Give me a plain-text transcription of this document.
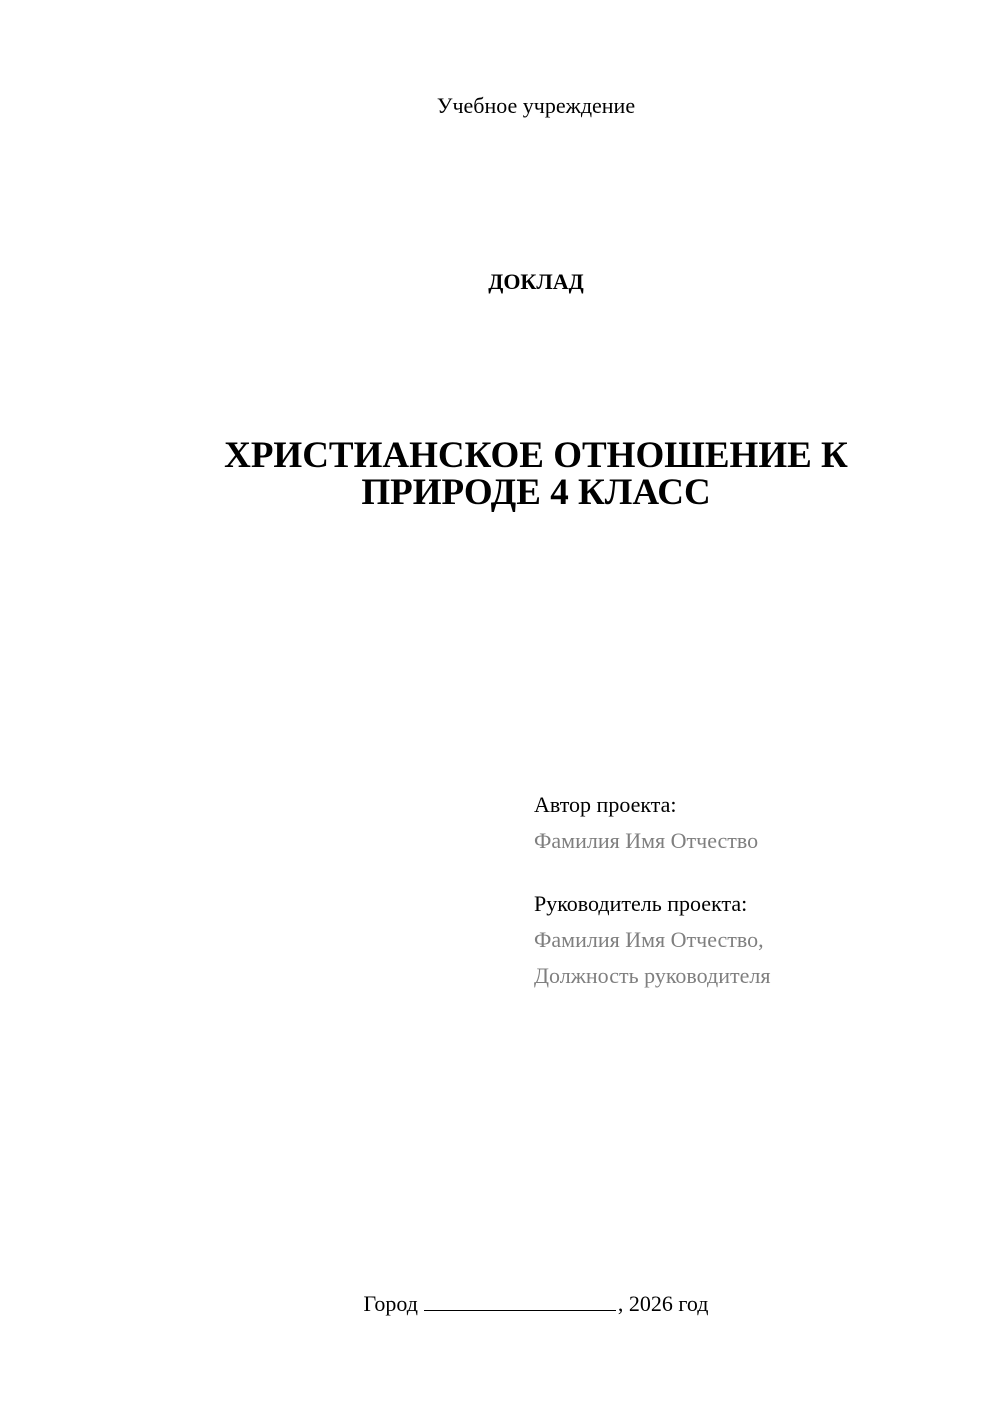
Учебное учреждение
ДОКЛАД
ХРИСТИАНСКОЕ ОТНОШЕНИЕ К
ПРИРОДЕ 4 КЛАСС
Автор проекта:
Фамилия Имя Отчество
Руководитель проекта:
Фамилия Имя Отчество,
Должность руководителя
Город	, 2026 год
